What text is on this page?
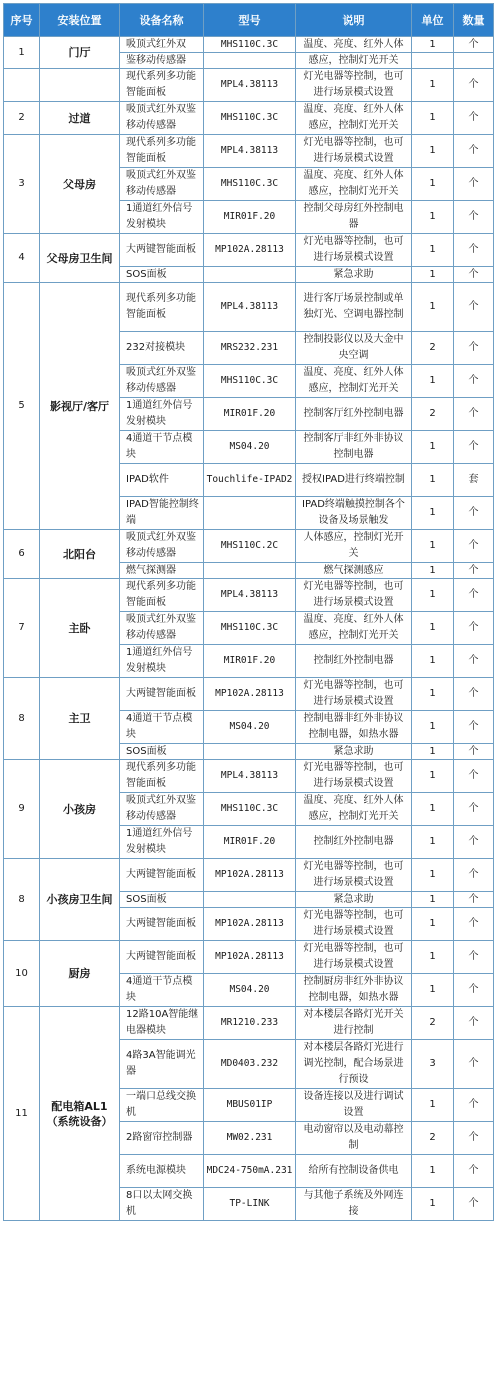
序号	安装位置	设备名称	型号	说明	单位	数量
1	门厅	吸顶式红外双	MHS110C.3C	温度、亮度、红外人体	1	个
		鉴移动传感器		感应，控制灯光开关		
		现代系列多功能智能面板	MPL4.38113	灯光电器等控制，也可进行场景模式设置	1	个
2	过道	吸顶式红外双鉴移动传感器	MHS110C.3C	温度、亮度、红外人体感应，控制灯光开关	1	个
3	父母房	现代系列多功能智能面板	MPL4.38113	灯光电器等控制，也可进行场景模式设置	1	个
		吸顶式红外双鉴移动传感器	MHS110C.3C	温度、亮度、红外人体感应，控制灯光开关	1	个
		1通道红外信号发射模块	MIR01F.20	控制父母房红外控制电器	1	个
4	父母房卫生间	大两键智能面板	MP102A.28113	灯光电器等控制，也可进行场景模式设置	1	个
		SOS面板		紧急求助	1	个
5	影视厅/客厅	现代系列多功能智能面板	MPL4.38113	进行客厅场景控制或单独灯光、空调电器控制	1	个
		232对接模块	MRS232.231	控制投影仪以及大金中央空调	2	个
		吸顶式红外双鉴移动传感器	MHS110C.3C	温度、亮度、红外人体感应，控制灯光开关	1	个
		1通道红外信号发射模块	MIR01F.20	控制客厅红外控制电器	2	个
		4通道干节点模块	MS04.20	控制客厅非红外非协议控制电器	1	个
		IPAD软件	Touchlife-IPAD2	授权IPAD进行终端控制	1	套
		IPAD智能控制终端		IPAD终端触摸控制各个设备及场景触发	1	个
6	北阳台	吸顶式红外双鉴移动传感器	MHS110C.2C	人体感应，控制灯光开关	1	个
		燃气探测器		燃气探测感应	1	个
7	主卧	现代系列多功能智能面板	MPL4.38113	灯光电器等控制，也可进行场景模式设置	1	个
		吸顶式红外双鉴移动传感器	MHS110C.3C	温度、亮度、红外人体感应，控制灯光开关	1	个
		1通道红外信号发射模块	MIR01F.20	控制红外控制电器	1	个
8	主卫	大两键智能面板	MP102A.28113	灯光电器等控制，也可进行场景模式设置	1	个
		4通道干节点模块	MS04.20	控制电器非红外非协议控制电器，如热水器	1	个
		SOS面板		紧急求助	1	个
9	小孩房	现代系列多功能智能面板	MPL4.38113	灯光电器等控制，也可进行场景模式设置	1	个
		吸顶式红外双鉴移动传感器	MHS110C.3C	温度、亮度、红外人体感应，控制灯光开关	1	个
		1通道红外信号发射模块	MIR01F.20	控制红外控制电器	1	个
8	小孩房卫生间	大两键智能面板	MP102A.28113	灯光电器等控制，也可进行场景模式设置	1	个
		SOS面板		紧急求助	1	个
		大两键智能面板	MP102A.28113	灯光电器等控制，也可进行场景模式设置	1	个
10	厨房	大两键智能面板	MP102A.28113	灯光电器等控制，也可进行场景模式设置	1	个
		4通道干节点模块	MS04.20	控制厨房非红外非协议控制电器，如热水器	1	个
11	配电箱AL1（系统设备）	12路10A智能继电器模块	MR1210.233	对本楼层各路灯光开关进行控制	2	个
		4路3A智能调光器	MD0403.232	对本楼层各路灯光进行调光控制，配合场景进行预设	3	个
		一端口总线交换机	MBUS01IP	设备连接以及进行调试设置	1	个
		2路窗帘控制器	MW02.231	电动窗帘以及电动幕控制	2	个
		系统电源模块	MDC24-750mA.231	给所有控制设备供电	1	个
		8口以太网交换机	TP-LINK	与其他子系统及外网连接	1	个
